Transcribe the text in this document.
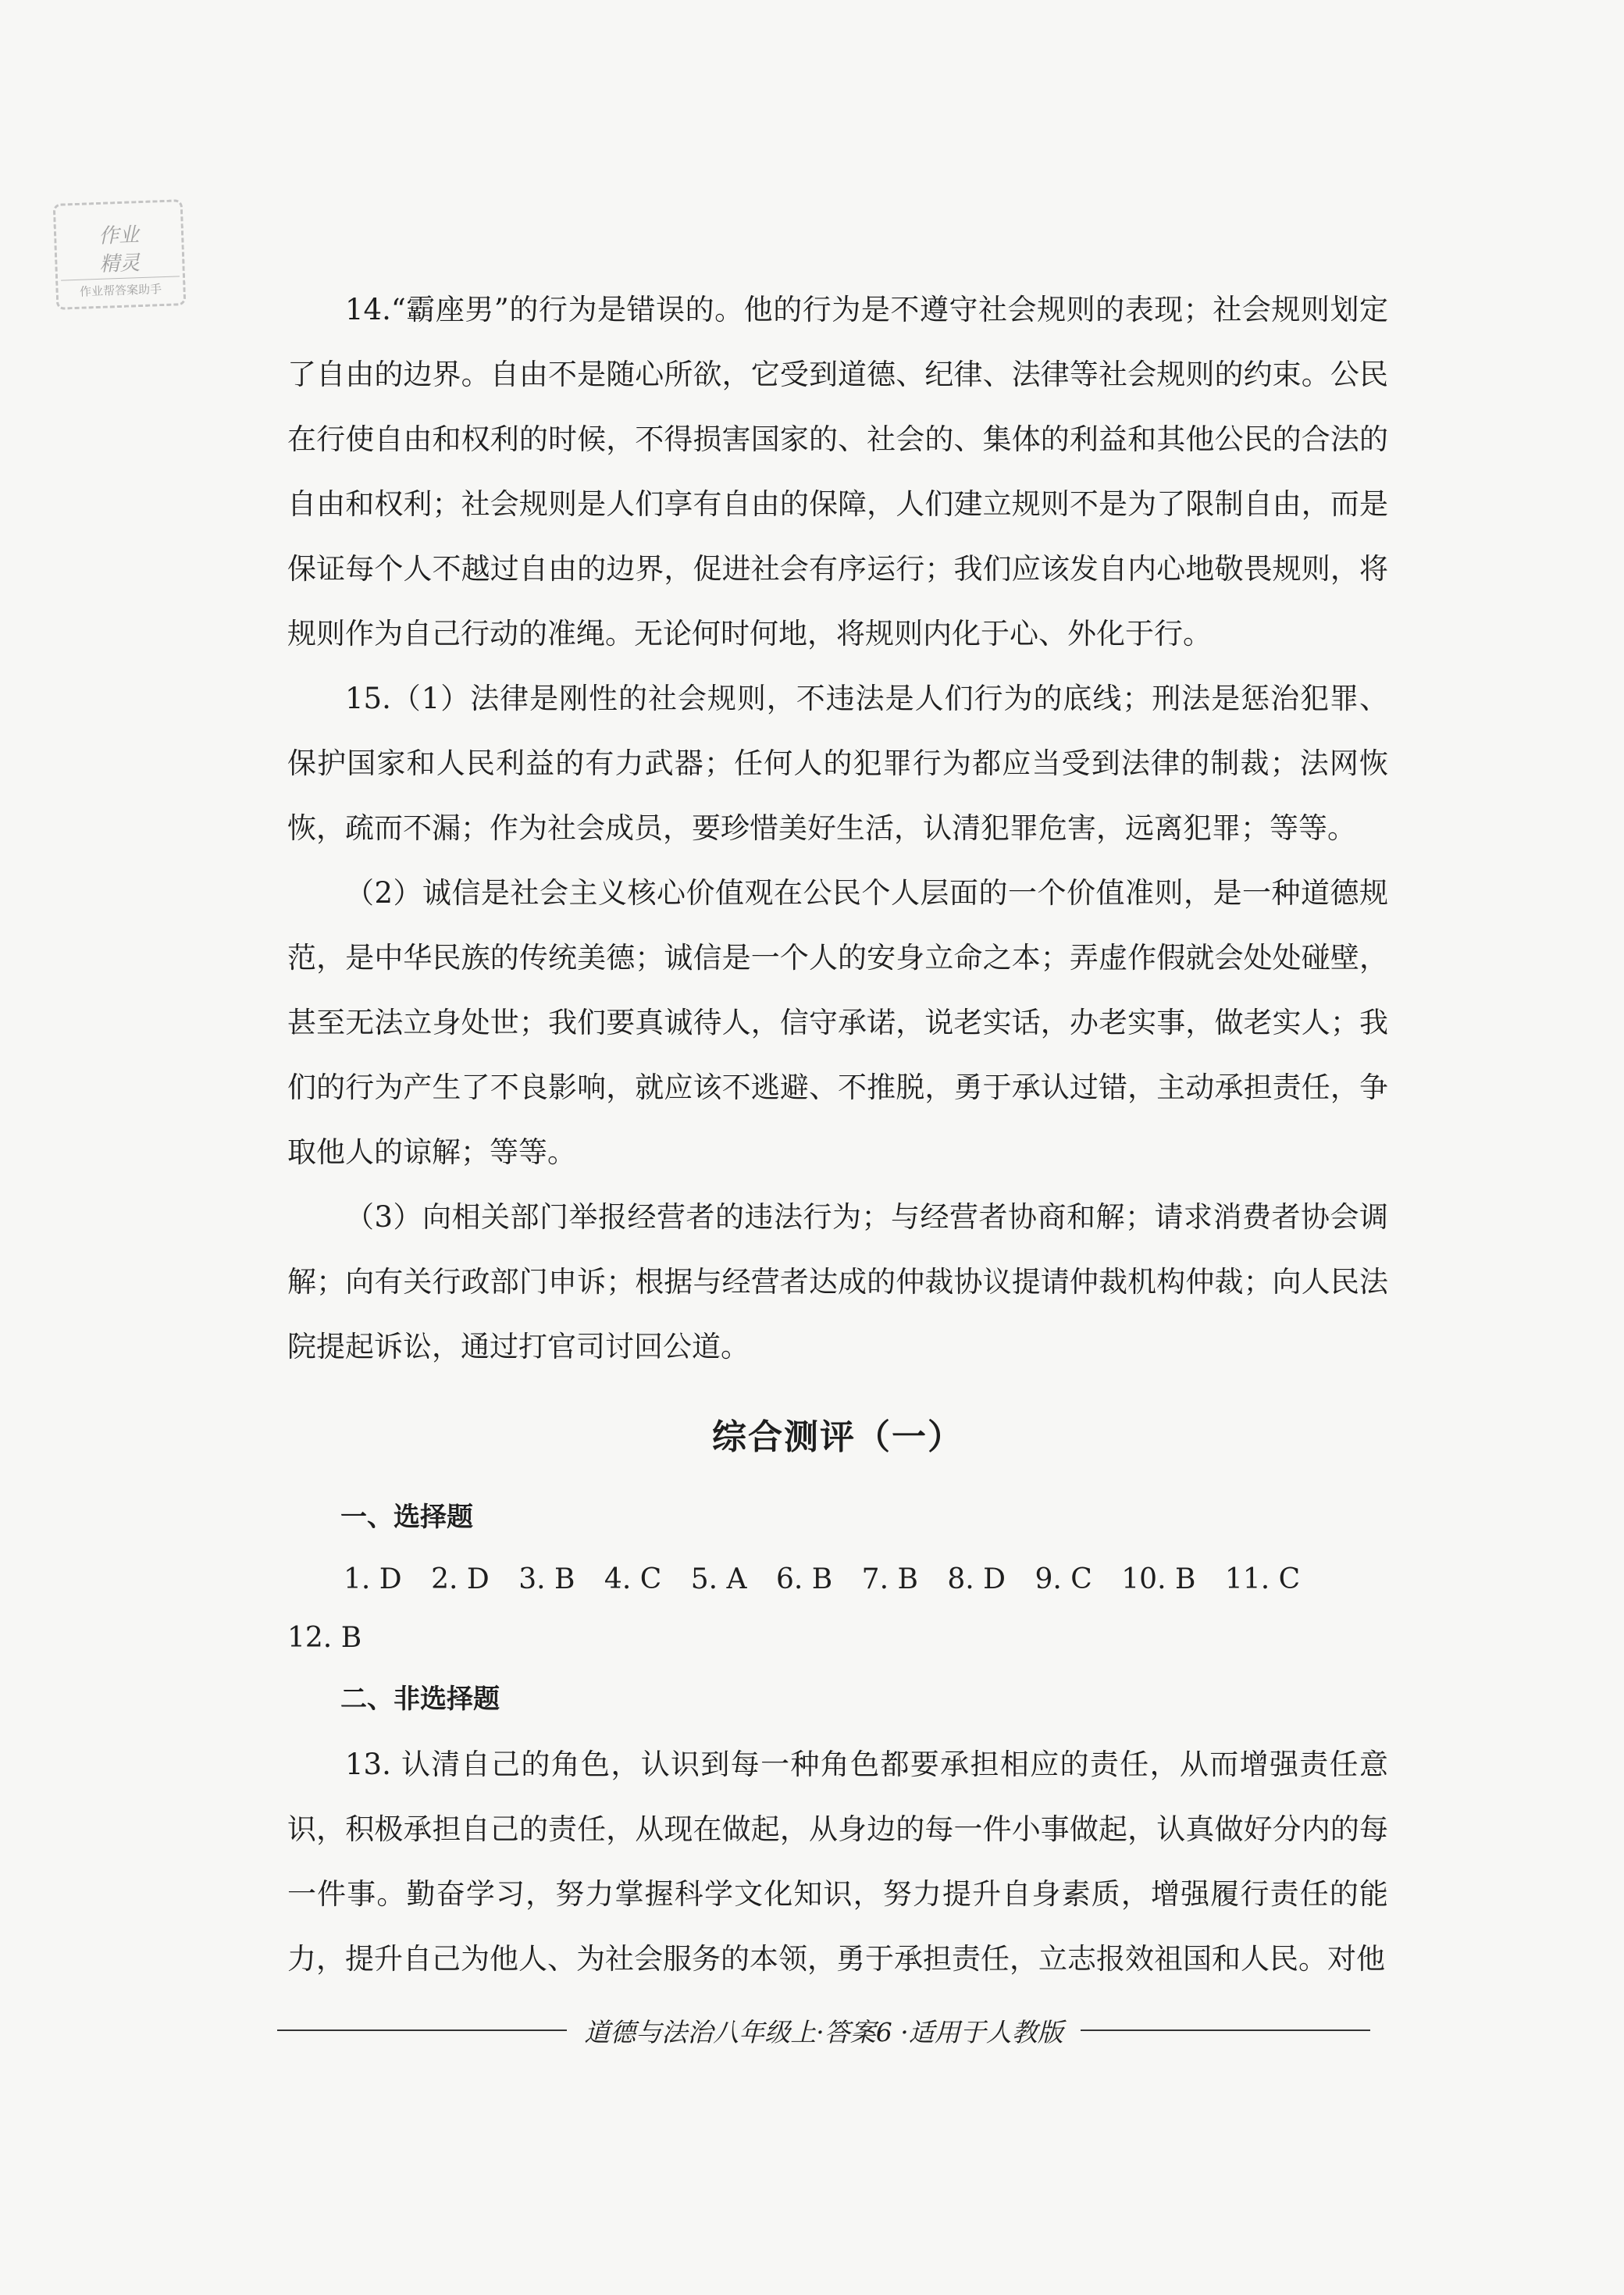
作业
精灵
作业帮答案助手

14.“霸座男”的行为是错误的。他的行为是不遵守社会规则的表现；社会规则划定了自由的边界。自由不是随心所欲，它受到道德、纪律、法律等社会规则的约束。公民在行使自由和权利的时候，不得损害国家的、社会的、集体的利益和其他公民的合法的自由和权利；社会规则是人们享有自由的保障，人们建立规则不是为了限制自由，而是保证每个人不越过自由的边界，促进社会有序运行；我们应该发自内心地敬畏规则，将规则作为自己行动的准绳。无论何时何地，将规则内化于心、外化于行。

15.（1）法律是刚性的社会规则，不违法是人们行为的底线；刑法是惩治犯罪、保护国家和人民利益的有力武器；任何人的犯罪行为都应当受到法律的制裁；法网恢恢，疏而不漏；作为社会成员，要珍惜美好生活，认清犯罪危害，远离犯罪；等等。

（2）诚信是社会主义核心价值观在公民个人层面的一个价值准则，是一种道德规范，是中华民族的传统美德；诚信是一个人的安身立命之本；弄虚作假就会处处碰壁，甚至无法立身处世；我们要真诚待人，信守承诺，说老实话，办老实事，做老实人；我们的行为产生了不良影响，就应该不逃避、不推脱，勇于承认过错，主动承担责任，争取他人的谅解；等等。

（3）向相关部门举报经营者的违法行为；与经营者协商和解；请求消费者协会调解；向有关行政部门申诉；根据与经营者达成的仲裁协议提请仲裁机构仲裁；向人民法院提起诉讼，通过打官司讨回公道。

综合测评（一）

一、选择题

1. D 2. D 3. B 4. C 5. A 6. B 7. B 8. D 9. C 10. B 11. C
12. B

二、非选择题

13. 认清自己的角色，认识到每一种角色都要承担相应的责任，从而增强责任意识，积极承担自己的责任，从现在做起，从身边的每一件小事做起，认真做好分内的每一件事。勤奋学习，努力掌握科学文化知识，努力提升自身素质，增强履行责任的能力，提升自己为他人、为社会服务的本领，勇于承担责任，立志报效祖国和人民。对他

道德与法治八年级上·答案6 ·适用于人教版
